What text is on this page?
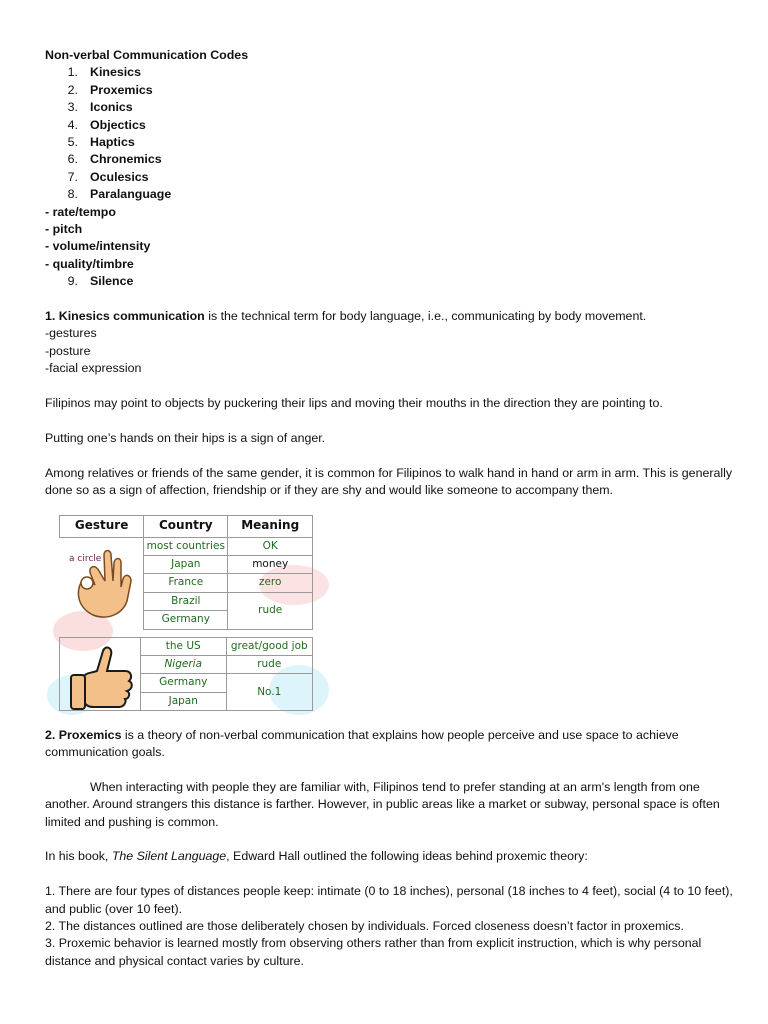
Non-verbal Communication Codes
1. Kinesics
2. Proxemics
3. Iconics
4. Objectics
5. Haptics
6. Chronemics
7. Oculesics
8. Paralanguage
- rate/tempo
- pitch
- volume/intensity
- quality/timbre
9. Silence

1. Kinesics communication is the technical term for body language, i.e., communicating by body movement.

-gestures
-posture
-facial expression

Filipinos may point to objects by puckering their lips and moving their mouths in the direction they are pointing to.

Putting one’s hands on their hips is a sign of anger.

Among relatives or friends of the same gender, it is common for Filipinos to walk hand in hand or arm in arm. This is generally done so as a sign of affection, friendship or if they are shy and would like someone to accompany them.

Gesture	Country	Meaning
	most countries	OK
	Japan	money
	France	zero
	Brazil	rude
	Germany	
	the US	great/good job
	Nigeria	rude
	Germany	No.1
	Japan	
a circle

2. Proxemics is a theory of non-verbal communication that explains how people perceive and use space to achieve communication goals.

When interacting with people they are familiar with, Filipinos tend to prefer standing at an arm's length from one another. Around strangers this distance is farther. However, in public areas like a market or subway, personal space is often limited and pushing is common.

In his book, The Silent Language, Edward Hall outlined the following ideas behind proxemic theory:

1. There are four types of distances people keep: intimate (0 to 18 inches), personal (18 inches to 4 feet), social (4 to 10 feet), and public (over 10 feet).

2. The distances outlined are those deliberately chosen by individuals. Forced closeness doesn’t factor in proxemics.

3. Proxemic behavior is learned mostly from observing others rather than from explicit instruction, which is why personal distance and physical contact varies by culture.
